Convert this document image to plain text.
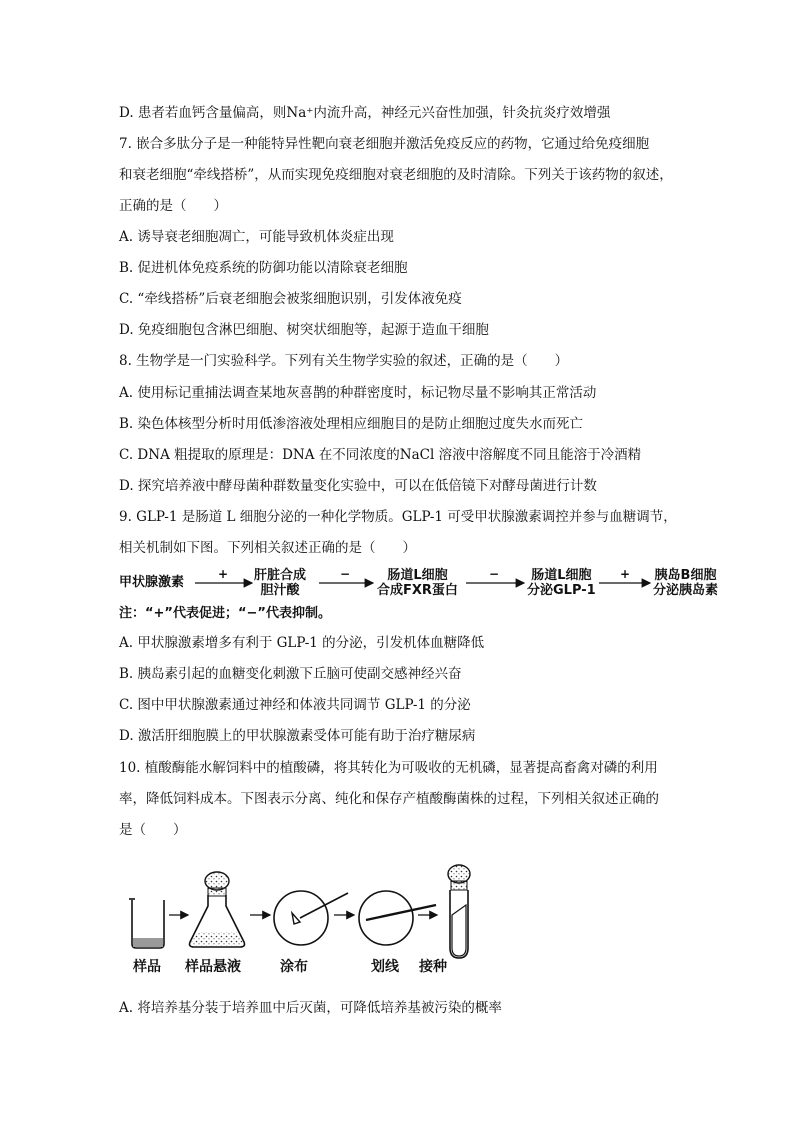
D. 患者若血钙含量偏高，则Na⁺内流升高，神经元兴奋性加强，针灸抗炎疗效增强
7. 嵌合多肽分子是一种能特异性靶向衰老细胞并激活免疫反应的药物，它通过给免疫细胞
和衰老细胞“牵线搭桥”，从而实现免疫细胞对衰老细胞的及时清除。下列关于该药物的叙述，
正确的是（　　）
A. 诱导衰老细胞凋亡，可能导致机体炎症出现
B. 促进机体免疫系统的防御功能以清除衰老细胞
C. “牵线搭桥”后衰老细胞会被浆细胞识别，引发体液免疫
D. 免疫细胞包含淋巴细胞、树突状细胞等，起源于造血干细胞
8. 生物学是一门实验科学。下列有关生物学实验的叙述，正确的是（　　）
A. 使用标记重捕法调查某地灰喜鹊的种群密度时，标记物尽量不影响其正常活动
B. 染色体核型分析时用低渗溶液处理相应细胞目的是防止细胞过度失水而死亡
C. DNA 粗提取的原理是：DNA 在不同浓度的NaCl 溶液中溶解度不同且能溶于冷酒精
D. 探究培养液中酵母菌种群数量变化实验中，可以在低倍镜下对酵母菌进行计数
9. GLP-1 是肠道 L 细胞分泌的一种化学物质。GLP-1 可受甲状腺激素调控并参与血糖调节，
相关机制如下图。下列相关叙述正确的是（　　）
甲状腺激素	肝脏合成
胆汁酸
肠道L细胞
合成FXR蛋白
肠道L细胞
分泌GLP-1
胰岛B细胞
分泌胰岛素
+	−	−	+
注：“+”代表促进；“−”代表抑制。
A. 甲状腺激素增多有利于 GLP-1 的分泌，引发机体血糖降低
B. 胰岛素引起的血糖变化刺激下丘脑可使副交感神经兴奋
C. 图中甲状腺激素通过神经和体液共同调节 GLP-1 的分泌
D. 激活肝细胞膜上的甲状腺激素受体可能有助于治疗糖尿病
10. 植酸酶能水解饲料中的植酸磷，将其转化为可吸收的无机磷，显著提高畜禽对磷的利用
率，降低饲料成本。下图表示分离、纯化和保存产植酸酶菌株的过程，下列相关叙述正确的
是（　　）
样品 样品悬液	涂布	划线 接种
A. 将培养基分装于培养皿中后灭菌，可降低培养基被污染的概率
